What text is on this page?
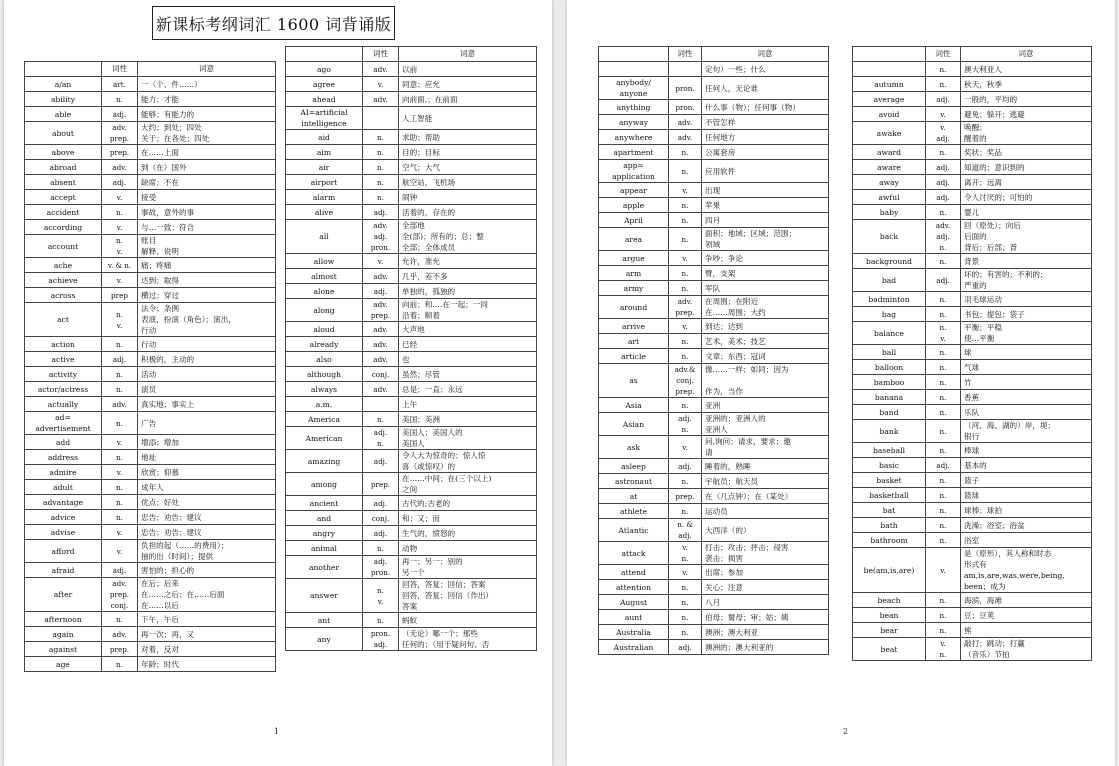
新课标考纲词汇 1600 词背诵版
	词性	词意

a/an	art.	一（个、件……）

ability	n.	能力；才能

able	adj.	能够；有能力的

about	adv.
prep.	大约；到处；四处
关于；在各处；四处

above	prep.	在……上面

abroad	adv.	到（在）国外

absent	adj.	缺席；不在

accept	v.	接受

accident	n.	事故，意外的事

according	v.	与…一致；符合

account	n.
v.	账目
解释、说明

ache	v. & n.	痛；疼痛

achieve	v.	达到；取得

across	prep	横过；穿过

act	n.
v.	法令；条例
表演，扮演（角色）；演出，
行动

action	n.	行动

active	adj.	积极的，主动的

activity	n.	活动

actor/actress	n.	演员

actually	adv.	真实地；事实上

ad=
advertisement	n.	广告

add	v.	增添；增加

address	n.	地址

admire	v.	欣赏；仰慕

adult	n.	成年人

advantage	n.	优点；好处

advice	n.	忠告；劝告；建议

advise	v.	忠告；劝告；建议

afford	v.	负担的起（……的费用）；
抽的出（时间）；提供

afraid	adj.	害怕的；担心的

after	adv.
prep.
conj.	在后；后来
在……之后；在……后面
在……以后

afternoon	n.	下午，午后

again	adv.	再一次；再，又

against	prep.	对着，反对

age	n.	年龄；时代
	词性	词意

ago	adv.	以前

agree	v.	同意；应允

ahead	adv.	向前面,；在前面

AI=artificial
intelligence		人工智能

aid	n.	求助；帮助

aim	n.	目的；目标

air	n.	空气；大气

airport	n.	航空站，飞机场

alarm	n.	闹钟

alive	adj.	活着的，存在的

all	adv.
adj.
pron.	全部地
全(部)；所有的；总；整
全部；全体成员

allow	v.	允许，准允

almost	adv.	几乎，差不多

alone	adj.	单独的，孤独的

along	adv.
prep.	向前；和….在一起；一同
沿着；顺着

aloud	adv.	大声地

already	adv.	已经

also	adv.	也

although	conj.	虽然；尽管

always	adv.	总是；一直；永远

a.m.		上午

America	n.	美国；美洲

American	adj.
n.	美国人；美国人的
美国人

amazing	adj.	令人大为惊奇的；惊人惊
喜（或惊叹）的

among	prep.	在……中间；在(三个以上)
之间

ancient	adj.	古代的;古老的

and	conj.	和；又；而

angry	adj.	生气的，愤怒的

animal	n.	动物

another	adj.
pron.	再一；另一；别的
另一个

answer	n.
v.	回答，答复；回信；答案
回答，答复；回信（作出）
答案

ant	n.	蚂蚁

any	pron.
adj.	（无论）哪一个；那些
任何的；（用于疑问句、否
1
	词性	词意

		定句）一些；什么

anybody/
anyone	pron.	任何人，无论谁

anything	pron.	什么事（物）；任何事（物）

anyway	adv.	不管怎样

anywhere	adv.	任何地方

apartment	n.	公寓套房

app=
application	n.	应用软件

appear	v.	出现

apple	n.	苹果

April	n.	四月

area	n.	面积；地域；区域；范围；
领域

argue	v.	争吵；争论

arm	n.	臂，支架

army	n.	军队

around	adv.
prep.	在周围；在附近
在……周围；大约

arrive	v.	到达；达到

art	n.	艺术，美术；技艺

article	n.	文章；东西；冠词

as	adv.&
conj.
prep.	像……一样；如同；因为
作为，当作

Asia	n.	亚洲

Asian	adj.
n.	亚洲的；亚洲人的
亚洲人

ask	v.	问,询问；请求，要求；邀
请

asleep	adj.	睡着的，熟睡

astronaut	n.	宇航员；航天员

at	prep.	在（几点钟）；在（某处）

athlete	n.	运动员

Atlantic	n. &
adj.	大西洋（的）

attack	v.
n.	打击；攻击；抨击；侵害
袭击；损害

attend	v.	出席；参加

attention	n.	关心；注意

August	n.	八月

aunt	n.	伯母；舅母；审；姑；姨

Australia	n.	澳洲；澳大利亚

Australian	adj.	澳洲的；澳大利亚的
	词性	词意

	n.	澳大利亚人

autumn	n.	秋天，秋季

average	adj.	一般的，平均的

avoid	v.	避免；躲开；逃避

awake	v.
adj.	唤醒；
醒着的

award	n.	奖状；奖品

aware	adj.	知道的；意识到的

away	adj.	离开；远离

awful	adj.	令人讨厌的；可怕的

baby	n.	婴儿

back	adv.
adj.
n.	回（原处）；向后
后面的
背后；后部；背

background	n.	背景

bad	adj.	坏的；有害的；不利的；
严重的

badminton	n.	羽毛球运动

bag	n.	书包；提包；袋子

balance	n.
v.	平衡；平稳
使…平衡

ball	n.	球

balloon	n.	气球

bamboo	n.	竹

banana	n.	香蕉

band	n.	乐队

bank	n.	（河、海、湖的）岸，堤；
银行

baseball	n.	棒球

basic	adj.	基本的

basket	n.	篮子

basketball	n.	篮球

bat	n.	球棒；球拍

bath	n.	洗澡；浴室；浴盆

bathroom	n.	浴室

be(am,is,are)	v.	是（原形），其人称和时态
形式有
am,is,are,was,were,being,
been；成为

beach	n.	海滨，海滩

bean	n.	豆；豆荚

bear	n.	熊

beat	v.
n.	敲打；跳动；打赢
（音乐）节拍
2
